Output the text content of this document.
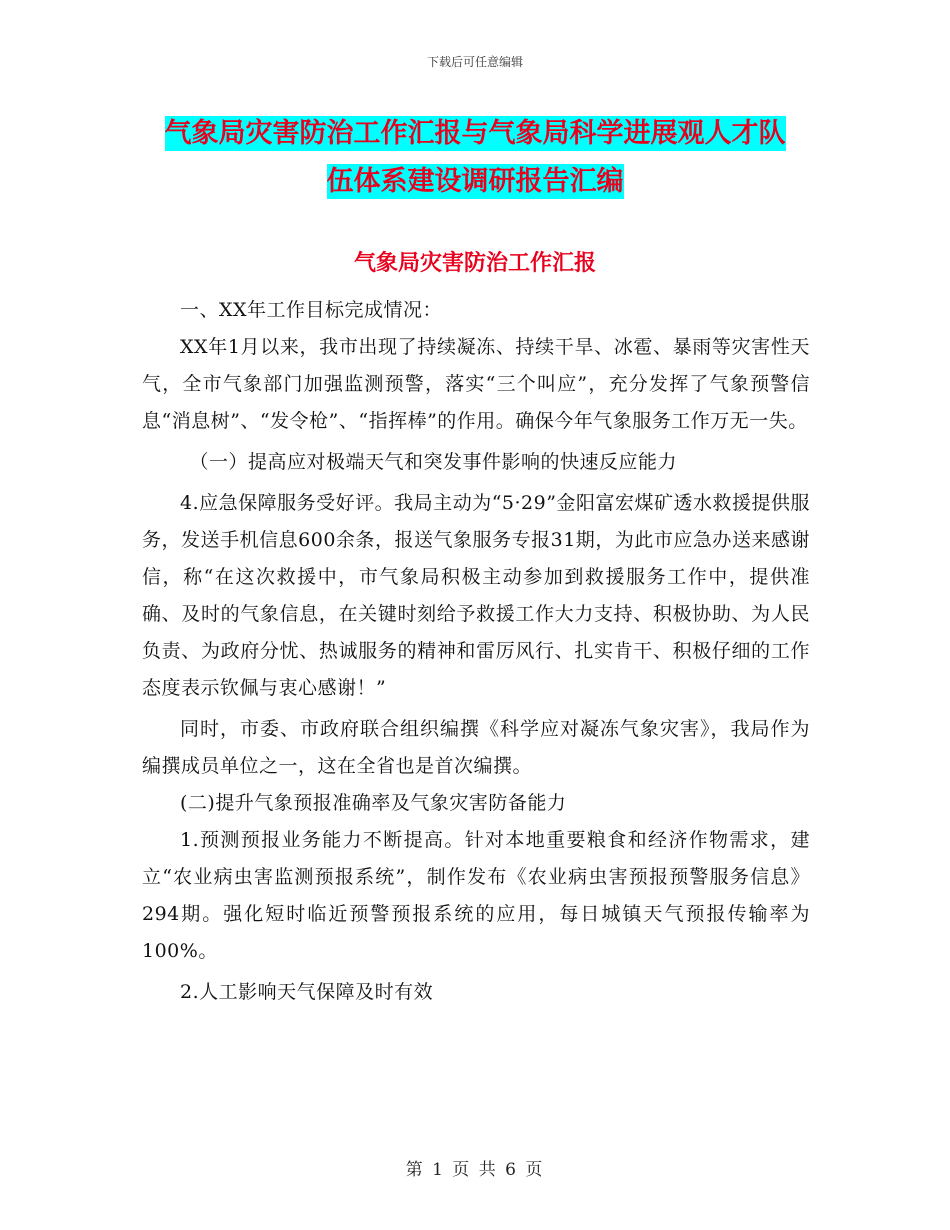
下载后可任意编辑
气象局灾害防治工作汇报与气象局科学进展观人才队
伍体系建设调研报告汇编
气象局灾害防治工作汇报

一、XX年工作目标完成情况：

XX年1月以来，我市出现了持续凝冻、持续干旱、冰雹、暴雨等灾害性天气，全市气象部门加强监测预警，落实“三个叫应”，充分发挥了气象预警信息“消息树”、“发令枪”、“指挥棒”的作用。确保今年气象服务工作万无一失。

（一）提高应对极端天气和突发事件影响的快速反应能力

4.应急保障服务受好评。我局主动为“5·29”金阳富宏煤矿透水救援提供服务，发送手机信息600余条，报送气象服务专报31期，为此市应急办送来感谢信，称“在这次救援中，市气象局积极主动参加到救援服务工作中，提供准确、及时的气象信息，在关键时刻给予救援工作大力支持、积极协助、为人民负责、为政府分忧、热诚服务的精神和雷厉风行、扎实肯干、积极仔细的工作态度表示钦佩与衷心感谢！”

同时，市委、市政府联合组织编撰《科学应对凝冻气象灾害》，我局作为编撰成员单位之一，这在全省也是首次编撰。

(二)提升气象预报准确率及气象灾害防备能力

1.预测预报业务能力不断提高。针对本地重要粮食和经济作物需求，建立“农业病虫害监测预报系统”，制作发布《农业病虫害预报预警服务信息》294期。强化短时临近预警预报系统的应用，每日城镇天气预报传输率为100%。

2.人工影响天气保障及时有效

第 1 页 共 6 页
